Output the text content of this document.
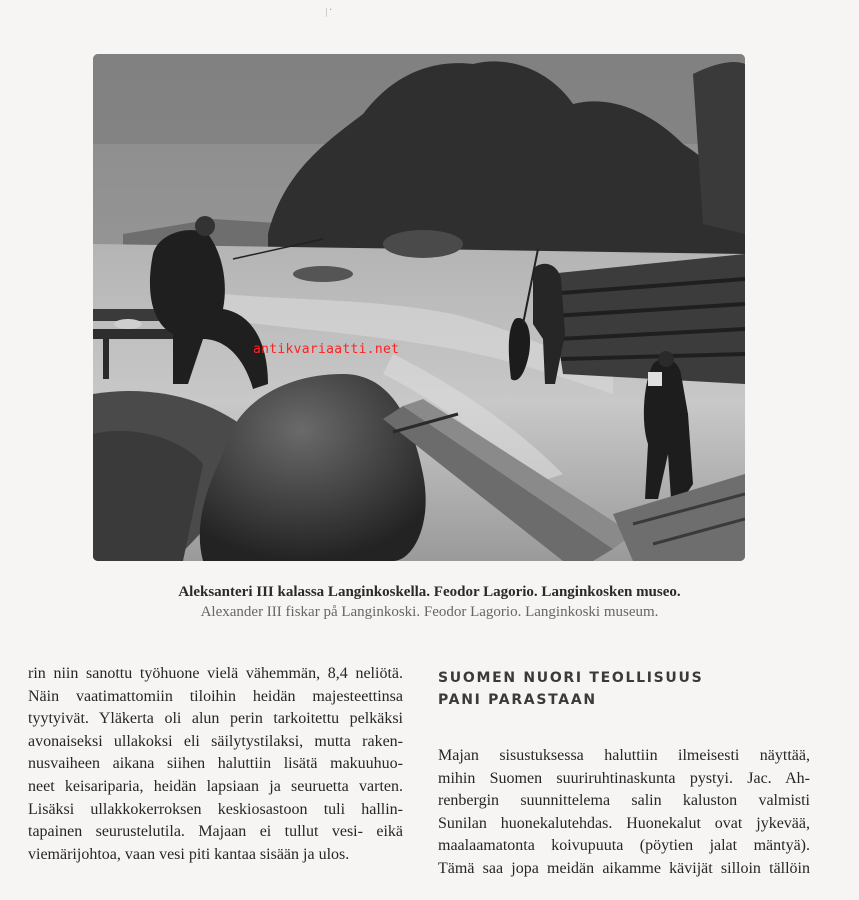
⁄ ·
antikvariaatti.net
Aleksanteri III kalassa Langinkoskella. Feodor Lagorio. Langinkosken museo.
Alexander III fiskar på Langinkoski. Feodor Lagorio. Langinkoski museum.

rin niin sanottu työhuone vielä vähemmän, 8,4 neliötä.
Näin vaatimattomiin tiloihin heidän majesteettinsa
tyytyivät. Yläkerta oli alun perin tarkoitettu pelkäksi
avonaiseksi ullakoksi eli säilytystilaksi, mutta raken-
nusvaiheen aikana siihen haluttiin lisätä makuuhuo-
neet keisariparia, heidän lapsiaan ja seuruetta varten.
Lisäksi ullakkokerroksen keskiosastoon tuli hallin-
tapainen seurustelutila. Majaan ei tullut vesi- eikä
viemärijohtoa, vaan vesi piti kantaa sisään ja ulos.

SUOMEN NUORI TEOLLISUUS
PANI PARASTAAN

Majan sisustuksessa haluttiin ilmeisesti näyttää,
mihin Suomen suuriruhtinaskunta pystyi. Jac. Ah-
renbergin suunnittelema salin kaluston valmisti
Sunilan huonekalutehdas. Huonekalut ovat jykevää,
maalaamatonta koivupuuta (pöytien jalat mäntyä).
Tämä saa jopa meidän aikamme kävijät silloin tällöin
